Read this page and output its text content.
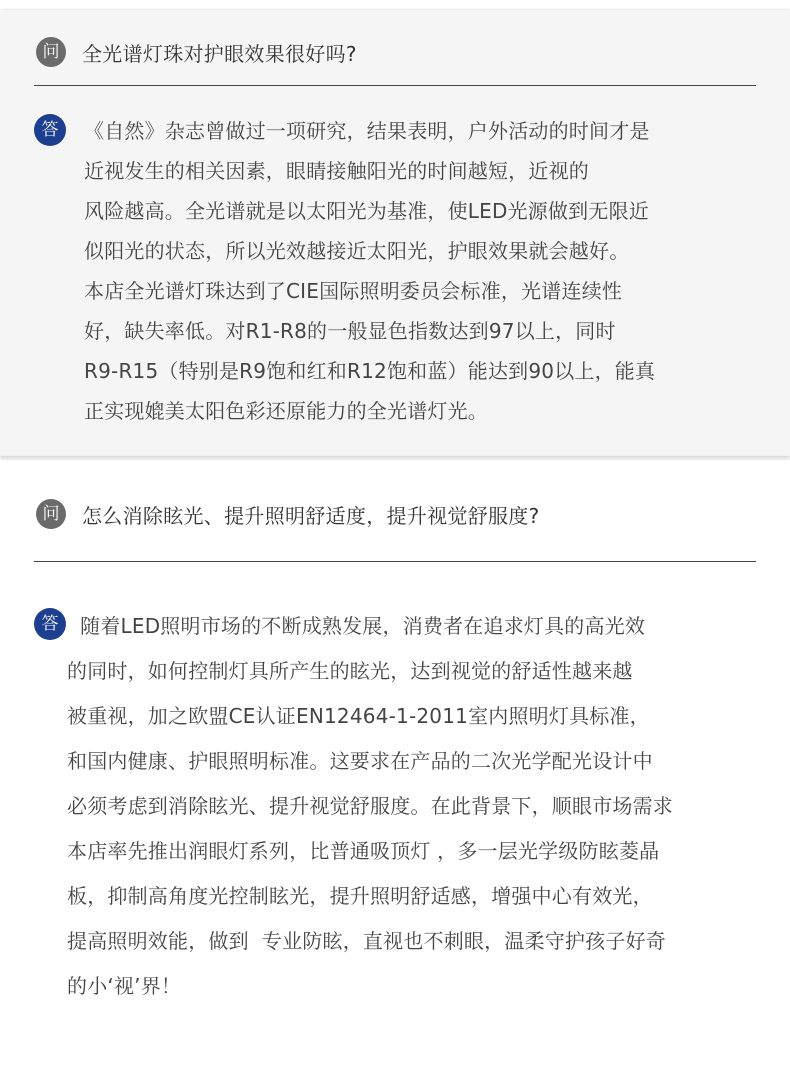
问	全光谱灯珠对护眼效果很好吗?
答	《自然》杂志曾做过一项研究，结果表明，户外活动的时间才是
近视发生的相关因素，眼睛接触阳光的时间越短，近视的
风险越高。全光谱就是以太阳光为基准，使LED光源做到无限近
似阳光的状态，所以光效越接近太阳光，护眼效果就会越好。
本店全光谱灯珠达到了CIE国际照明委员会标准，光谱连续性
好，缺失率低。对R1-R8的一般显色指数达到97以上，同时
R9-R15（特别是R9饱和红和R12饱和蓝）能达到90以上，能真
正实现媲美太阳色彩还原能力的全光谱灯光。
问	怎么消除眩光、提升照明舒适度，提升视觉舒服度?
答 随着LED照明市场的不断成熟发展，消费者在追求灯具的高光效
的同时，如何控制灯具所产生的眩光，达到视觉的舒适性越来越
被重视，加之欧盟CE认证EN12464-1-2011室内照明灯具标准，
和国内健康、护眼照明标准。这要求在产品的二次光学配光设计中
必须考虑到消除眩光、提升视觉舒服度。在此背景下，顺眼市场需求
本店率先推出润眼灯系列，比普通吸顶灯 ，多一层光学级防眩菱晶
板，抑制高角度光控制眩光，提升照明舒适感，增强中心有效光，
提高照明效能，做到  专业防眩，直视也不刺眼，温柔守护孩子好奇
的小‘视’界！
